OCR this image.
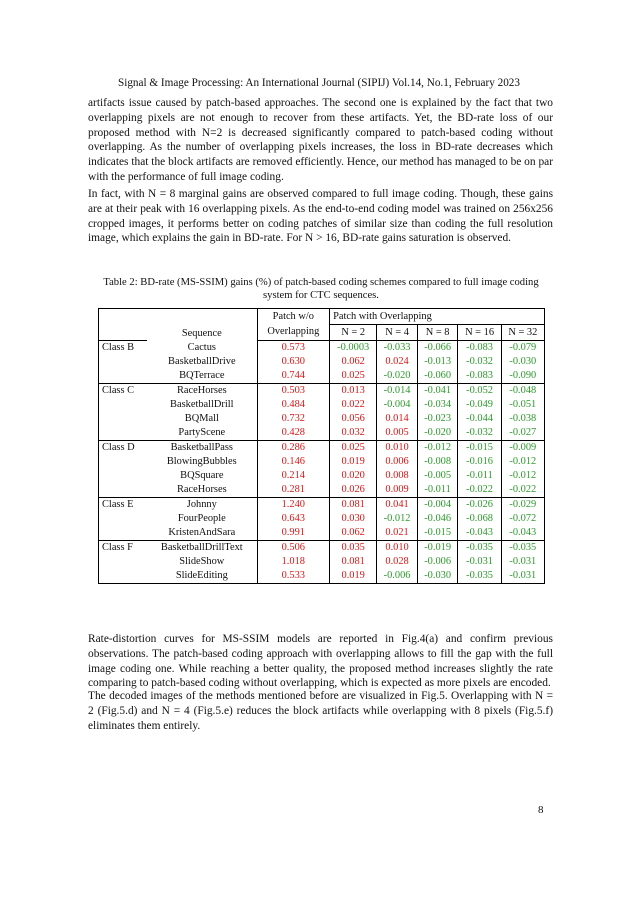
Signal & Image Processing: An International Journal (SIPIJ) Vol.14, No.1, February 2023

artifacts issue caused by patch-based approaches. The second one is explained by the fact that two overlapping pixels are not enough to recover from these artifacts. Yet, the BD-rate loss of our proposed method with N=2 is decreased significantly compared to patch-based coding without overlapping. As the number of overlapping pixels increases, the loss in BD-rate decreases which indicates that the block artifacts are removed efficiently. Hence, our method has managed to be on par with the performance of full image coding.

In fact, with N = 8 marginal gains are observed compared to full image coding. Though, these gains are at their peak with 16 overlapping pixels. As the end-to-end coding model was trained on 256x256 cropped images, it performs better on coding patches of similar size than coding the full resolution image, which explains the gain in BD-rate. For N > 16, BD-rate gains saturation is observed.

Table 2: BD-rate (MS-SSIM) gains (%) of patch-based coding schemes compared to full image coding system for CTC sequences.
	Sequence	Patch w/o	Patch with Overlapping				
		Overlapping	N = 2	N = 4	N = 8	N = 16	N = 32
Class B	Cactus	0.573	-0.0003	-0.033	-0.066	-0.083	-0.079
	BasketballDrive	0.630	0.062	0.024	-0.013	-0.032	-0.030
	BQTerrace	0.744	0.025	-0.020	-0.060	-0.083	-0.090
Class C	RaceHorses	0.503	0.013	-0.014	-0.041	-0.052	-0.048
	BasketballDrill	0.484	0.022	-0.004	-0.034	-0.049	-0.051
	BQMall	0.732	0.056	0.014	-0.023	-0.044	-0.038
	PartyScene	0.428	0.032	0.005	-0.020	-0.032	-0.027
Class D	BasketballPass	0.286	0.025	0.010	-0.012	-0.015	-0.009
	BlowingBubbles	0.146	0.019	0.006	-0.008	-0.016	-0.012
	BQSquare	0.214	0.020	0.008	-0.005	-0.011	-0.012
	RaceHorses	0.281	0.026	0.009	-0.011	-0.022	-0.022
Class E	Johnny	1.240	0.081	0.041	-0.004	-0.026	-0.029
	FourPeople	0.643	0.030	-0.012	-0.046	-0.068	-0.072
	KristenAndSara	0.991	0.062	0.021	-0.015	-0.043	-0.043
Class F	BasketballDrillText	0.506	0.035	0.010	-0.019	-0.035	-0.035
	SlideShow	1.018	0.081	0.028	-0.006	-0.031	-0.031
	SlideEditing	0.533	0.019	-0.006	-0.030	-0.035	-0.031

Rate-distortion curves for MS-SSIM models are reported in Fig.4(a) and confirm previous observations. The patch-based coding approach with overlapping allows to fill the gap with the full image coding one. While reaching a better quality, the proposed method increases slightly the rate comparing to patch-based coding without overlapping, which is expected as more pixels are encoded.

The decoded images of the methods mentioned before are visualized in Fig.5. Overlapping with N = 2 (Fig.5.d) and N = 4 (Fig.5.e) reduces the block artifacts while overlapping with 8 pixels (Fig.5.f) eliminates them entirely.

8
